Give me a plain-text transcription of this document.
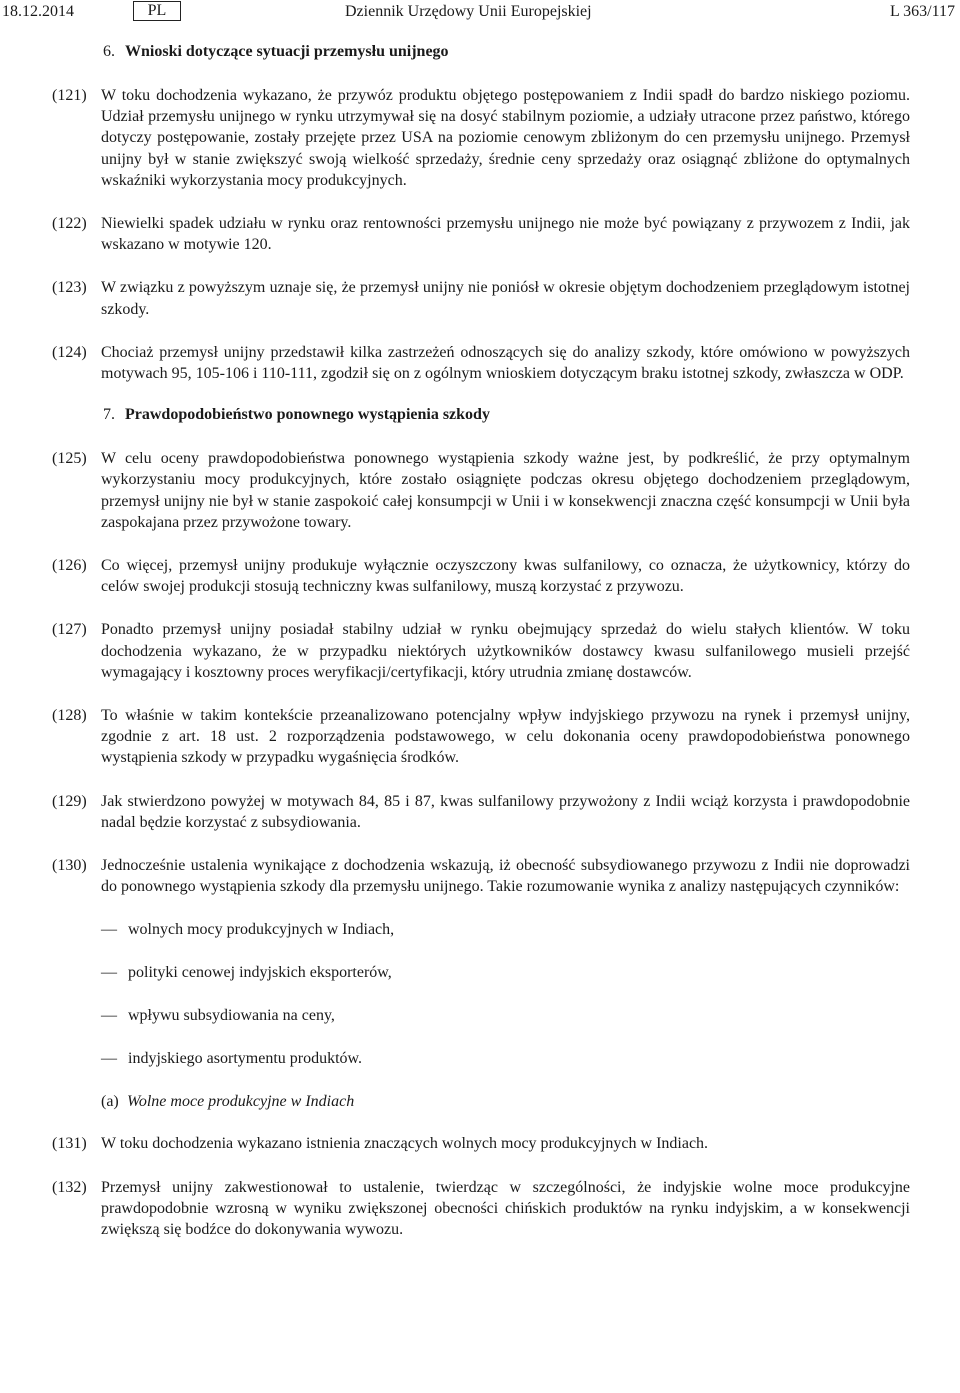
18.12.2014	PL	Dziennik Urzędowy Unii Europejskiej	L 363/117
6. Wnioski dotyczące sytuacji przemysłu unijnego
(121) W toku dochodzenia wykazano, że przywóz produktu objętego postępowaniem z Indii spadł do bardzo niskiego poziomu. Udział przemysłu unijnego w rynku utrzymywał się na dosyć stabilnym poziomie, a udziały utracone przez państwo, którego dotyczy postępowanie, zostały przejęte przez USA na poziomie cenowym zbliżonym do cen przemysłu unijnego. Przemysł unijny był w stanie zwiększyć swoją wielkość sprzedaży, średnie ceny sprzedaży oraz osiągnąć zbliżone do optymalnych wskaźniki wykorzystania mocy produkcyjnych.
(122) Niewielki spadek udziału w rynku oraz rentowności przemysłu unijnego nie może być powiązany z przywozem z Indii, jak wskazano w motywie 120.
(123) W związku z powyższym uznaje się, że przemysł unijny nie poniósł w okresie objętym dochodzeniem przeglądowym istotnej szkody.
(124) Chociaż przemysł unijny przedstawił kilka zastrzeżeń odnoszących się do analizy szkody, które omówiono w powyższych motywach 95, 105-106 i 110-111, zgodził się on z ogólnym wnioskiem dotyczącym braku istotnej szkody, zwłaszcza w ODP.
7. Prawdopodobieństwo ponownego wystąpienia szkody
(125) W celu oceny prawdopodobieństwa ponownego wystąpienia szkody ważne jest, by podkreślić, że przy optymalnym wykorzystaniu mocy produkcyjnych, które zostało osiągnięte podczas okresu objętego dochodzeniem przeglądowym, przemysł unijny nie był w stanie zaspokoić całej konsumpcji w Unii i w konsekwencji znaczna część konsumpcji w Unii była zaspokajana przez przywożone towary.
(126) Co więcej, przemysł unijny produkuje wyłącznie oczyszczony kwas sulfanilowy, co oznacza, że użytkownicy, którzy do celów swojej produkcji stosują techniczny kwas sulfanilowy, muszą korzystać z przywozu.
(127) Ponadto przemysł unijny posiadał stabilny udział w rynku obejmujący sprzedaż do wielu stałych klientów. W toku dochodzenia wykazano, że w przypadku niektórych użytkowników dostawcy kwasu sulfanilowego musieli przejść wymagający i kosztowny proces weryfikacji/certyfikacji, który utrudnia zmianę dostawców.
(128) To właśnie w takim kontekście przeanalizowano potencjalny wpływ indyjskiego przywozu na rynek i przemysł unijny, zgodnie z art. 18 ust. 2 rozporządzenia podstawowego, w celu dokonania oceny prawdopodobieństwa ponownego wystąpienia szkody w przypadku wygaśnięcia środków.
(129) Jak stwierdzono powyżej w motywach 84, 85 i 87, kwas sulfanilowy przywożony z Indii wciąż korzysta i prawdopodobnie nadal będzie korzystać z subsydiowania.
(130) Jednocześnie ustalenia wynikające z dochodzenia wskazują, iż obecność subsydiowanego przywozu z Indii nie doprowadzi do ponownego wystąpienia szkody dla przemysłu unijnego. Takie rozumowanie wynika z analizy następujących czynników:
— wolnych mocy produkcyjnych w Indiach,
— polityki cenowej indyjskich eksporterów,
— wpływu subsydiowania na ceny,
— indyjskiego asortymentu produktów.
(a) Wolne moce produkcyjne w Indiach
(131) W toku dochodzenia wykazano istnienia znaczących wolnych mocy produkcyjnych w Indiach.
(132) Przemysł unijny zakwestionował to ustalenie, twierdząc w szczególności, że indyjskie wolne moce produkcyjne prawdopodobnie wzrosną w wyniku zwiększonej obecności chińskich produktów na rynku indyjskim, a w konsekwencji zwiększą się bodźce do dokonywania wywozu.
